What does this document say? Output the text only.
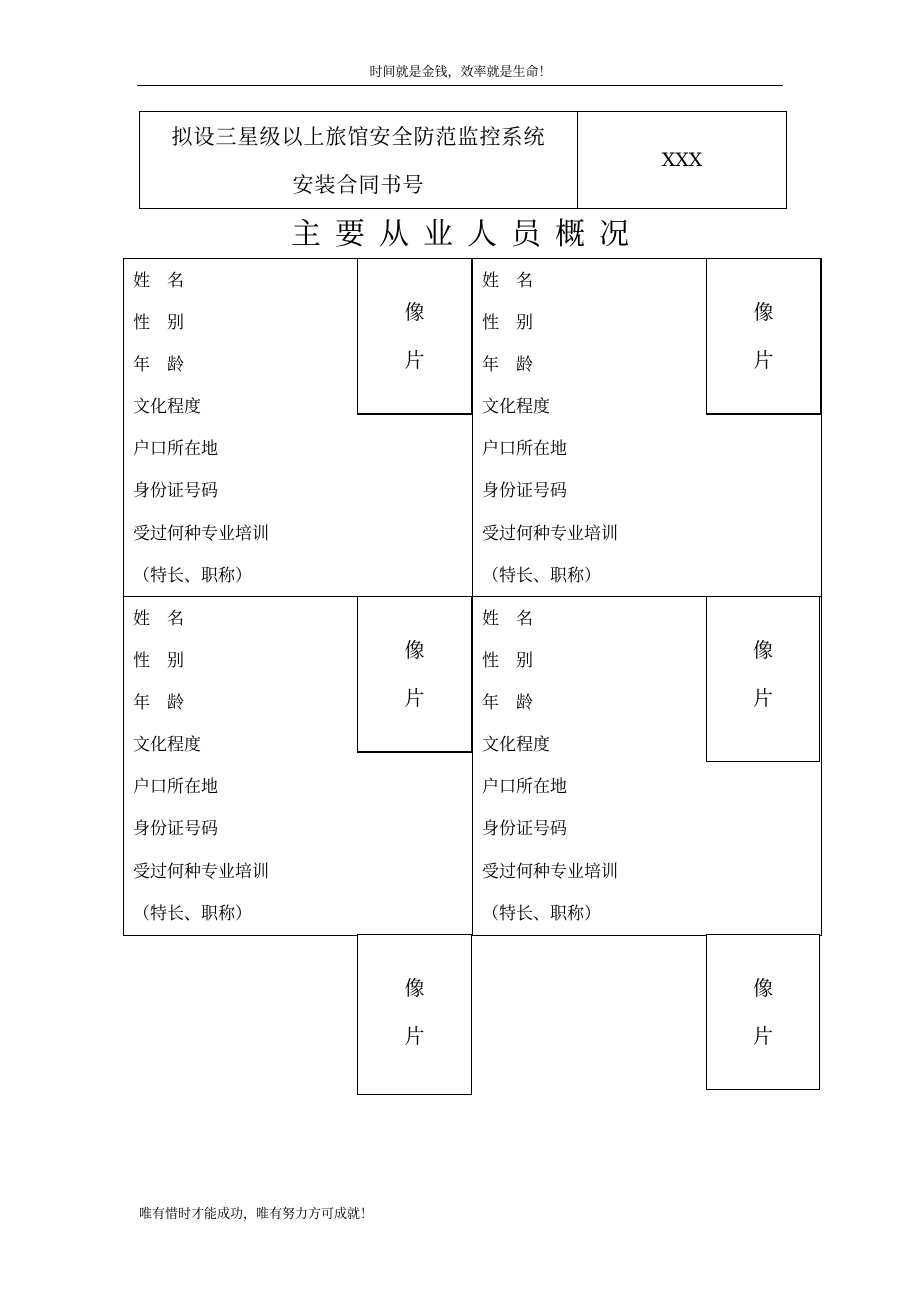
时间就是金钱，效率就是生命！
拟设三星级以上旅馆安全防范监控系统
安装合同书号
XXX
主要从业人员概况
姓　名
性　别
年　龄
文化程度
户口所在地
身份证号码
受过何种专业培训
（特长、职称）
像
片
姓　名
性　别
年　龄
文化程度
户口所在地
身份证号码
受过何种专业培训
（特长、职称）
像
片
姓　名
性　别
年　龄
文化程度
户口所在地
身份证号码
受过何种专业培训
（特长、职称）
像
片
姓　名
性　别
年　龄
文化程度
户口所在地
身份证号码
受过何种专业培训
（特长、职称）
像
片
像
片
像
片
唯有惜时才能成功，唯有努力方可成就！
